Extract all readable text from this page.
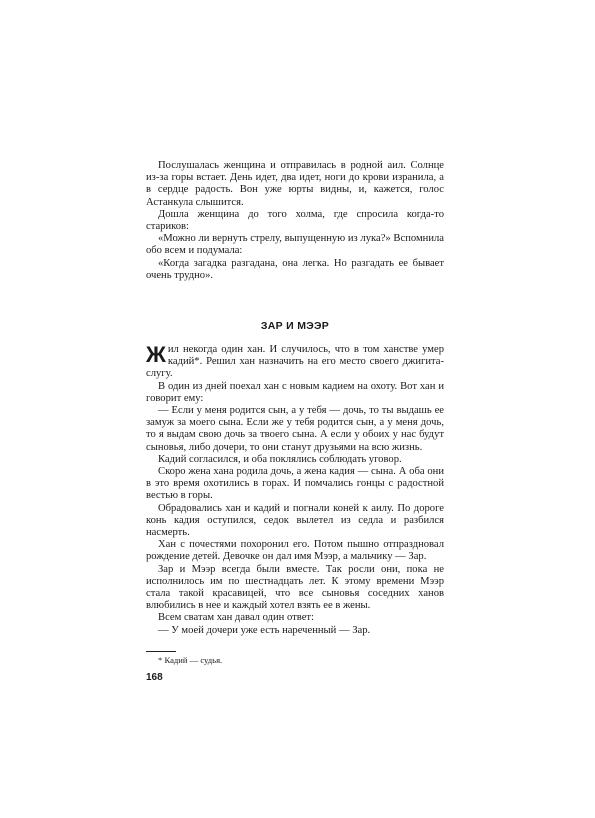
Послушалась женщина и отправилась в родной аил. Солнце из-за горы встает. День идет, два идет, ноги до крови изранила, а в сердце радость. Вон уже юрты видны, и, кажется, голос Астанкула слышится.

Дошла женщина до того холма, где спросила когда-то стариков:

«Можно ли вернуть стрелу, выпущенную из лука?» Вспомнила обо всем и подумала:

«Когда загадка разгадана, она легка. Но разгадать ее бывает очень трудно».

ЗАР И МЭЭР

Жил некогда один хан. И случилось, что в том ханстве умер кадий*. Решил хан назначить на его место своего джигита-слугу.

В один из дней поехал хан с новым кадием на охоту. Вот хан и говорит ему:

— Если у меня родится сын, а у тебя — дочь, то ты выдашь ее замуж за моего сына. Если же у тебя родится сын, а у меня дочь, то я выдам свою дочь за твоего сына. А если у обоих у нас будут сыновья, либо дочери, то они станут друзьями на всю жизнь.

Кадий согласился, и оба поклялись соблюдать уговор.

Скоро жена хана родила дочь, а жена кадия — сына. А оба они в это время охотились в горах. И помчались гонцы с радостной вестью в горы.

Обрадовались хан и кадий и погнали коней к аилу. По дороге конь кадия оступился, седок вылетел из седла и разбился насмерть.

Хан с почестями похоронил его. Потом пышно отпраздновал рождение детей. Девочке он дал имя Мээр, а мальчику — Зар.

Зар и Мээр всегда были вместе. Так росли они, пока не исполнилось им по шестнадцать лет. К этому времени Мээр стала такой красавицей, что все сыновья соседних ханов влюбились в нее и каждый хотел взять ее в жены.

Всем сватам хан давал один ответ:

— У моей дочери уже есть нареченный — Зар.

* Кадий — судья.
168
